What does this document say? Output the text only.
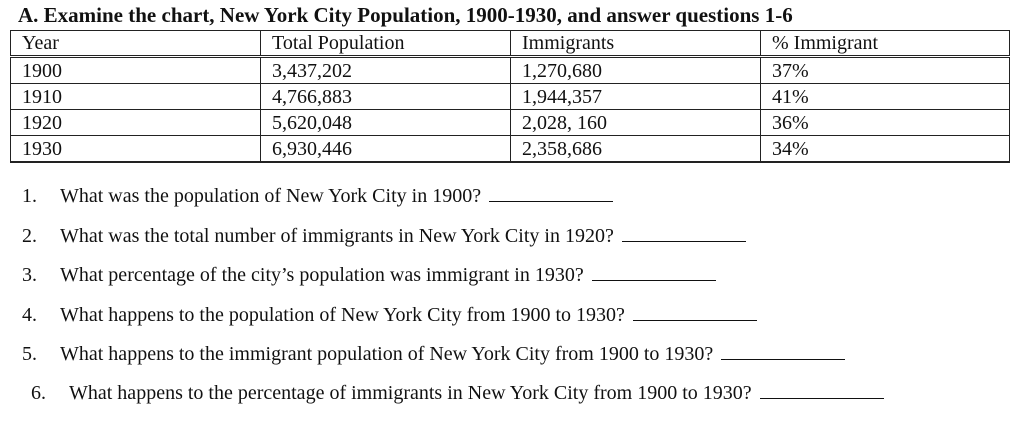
A. Examine the chart, New York City Population, 1900-1930, and answer questions 1-6
Year	Total Population	Immigrants	% Immigrant
1900	3,437,202	1,270,680	37%
1910	4,766,883	1,944,357	41%
1920	5,620,048	2,028, 160	36%
1930	6,930,446	2,358,686	34%
1.	What was the population of New York City in 1900?
2.	What was the total number of immigrants in New York City in 1920?
3.	What percentage of the city’s population was immigrant in 1930?
4.	What happens to the population of New York City from 1900 to 1930?
5.	What happens to the immigrant population of New York City from 1900 to 1930?
6.	What happens to the percentage of immigrants in New York City from 1900 to 1930?
